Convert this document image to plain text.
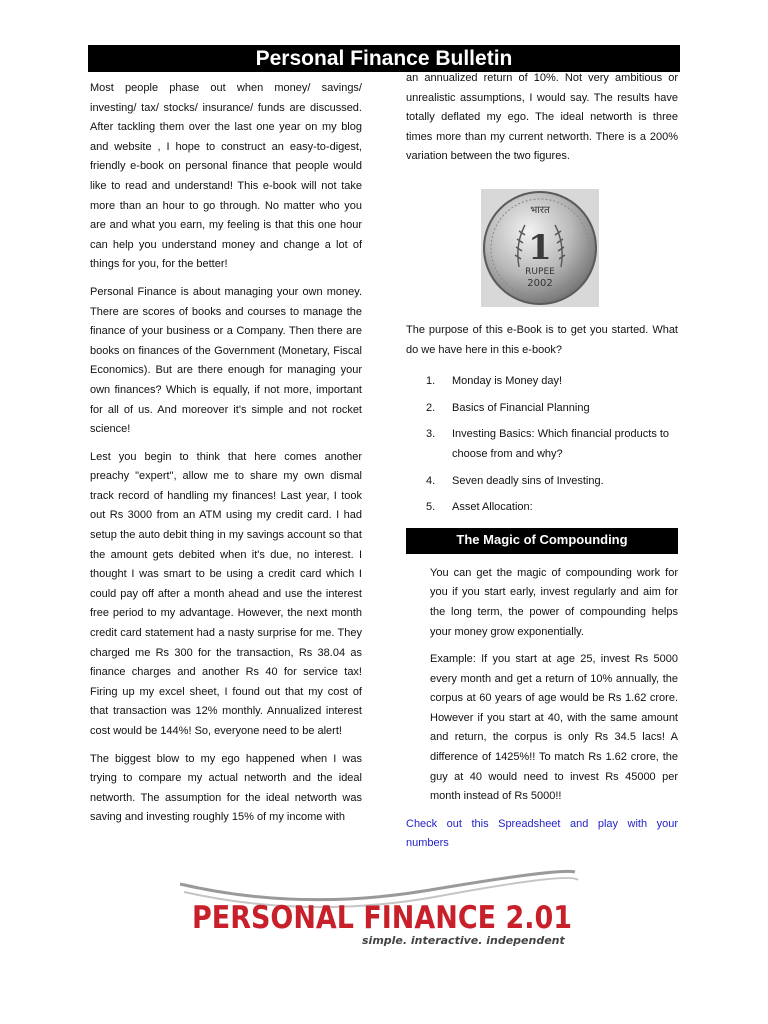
Personal Finance Bulletin

Most people phase out when money/ savings/ investing/ tax/ stocks/ insurance/ funds are discussed. After tackling them over the last one year on my blog and website , I hope to construct an easy-to-digest, friendly e-book on personal finance that people would like to read and understand! This e-book will not take more than an hour to go through. No matter who you are and what you earn, my feeling is that this one hour can help you understand money and change a lot of things for you, for the better!

Personal Finance is about managing your own money. There are scores of books and courses to manage the finance of your business or a Company. Then there are books on finances of the Government (Monetary, Fiscal Economics). But are there enough for managing your own finances? Which is equally, if not more, important for all of us. And moreover it's simple and not rocket science!

Lest you begin to think that here comes another preachy "expert", allow me to share my own dismal track record of handling my finances! Last year, I took out Rs 3000 from an ATM using my credit card. I had setup the auto debit thing in my savings account so that the amount gets debited when it's due, no interest. I thought I was smart to be using a credit card which I could pay off after a month ahead and use the interest free period to my advantage. However, the next month credit card statement had a nasty surprise for me. They charged me Rs 300 for the transaction, Rs 38.04 as finance charges and another Rs 40 for service tax! Firing up my excel sheet, I found out that my cost of that transaction was 12% monthly. Annualized interest cost would be 144%! So, everyone need to be alert!

The biggest blow to my ego happened when I was trying to compare my actual networth and the ideal networth. The assumption for the ideal networth was saving and investing roughly 15% of my income with

an annualized return of 10%. Not very ambitious or unrealistic assumptions, I would say. The results have totally deflated my ego. The ideal networth is three times more than my current networth. There is a 200% variation between the two figures.

भारत
1
RUPEE
2002

The purpose of this e-Book is to get you started. What do we have here in this e-book?

1.	Monday is Money day!
2.	Basics of Financial Planning
3.	Investing Basics: Which financial products to choose from and why?
4.	Seven deadly sins of Investing.
5.	Asset Allocation:
The Magic of Compounding

You can get the magic of compounding work for you if you start early, invest regularly and aim for the long term, the power of compounding helps your money grow exponentially.

Example: If you start at age 25, invest Rs 5000 every month and get a return of 10% annually, the corpus at 60 years of age would be Rs 1.62 crore. However if you start at 40, with the same amount and return, the corpus is only Rs 34.5 lacs! A difference of 1425%!! To match Rs 1.62 crore, the guy at 40 would need to invest Rs 45000 per month instead of Rs 5000!!

Check out this Spreadsheet and play with your numbers

PERSONAL FINANCE 2.01
simple. interactive. independent
